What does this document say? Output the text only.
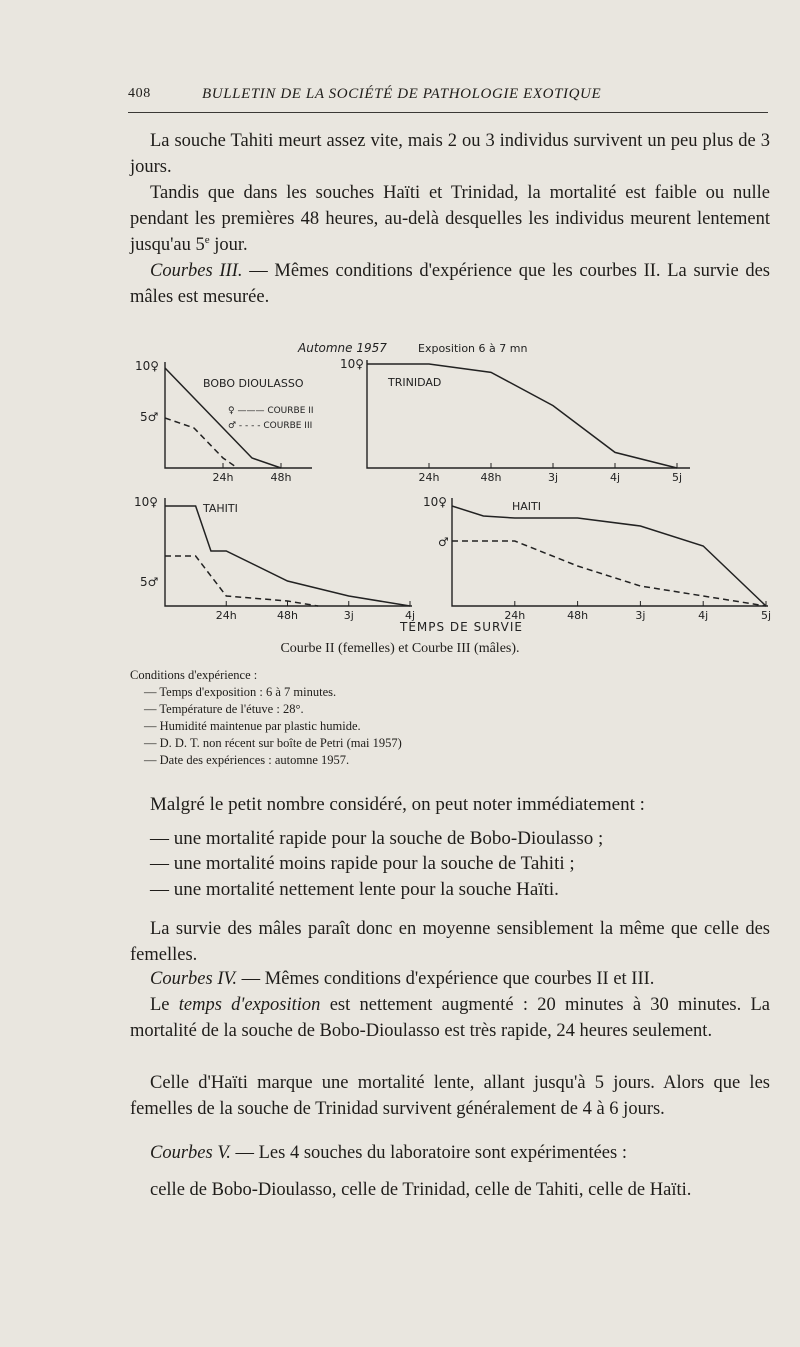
408	BULLETIN DE LA SOCIÉTÉ DE PATHOLOGIE EXOTIQUE
La souche Tahiti meurt assez vite, mais 2 ou 3 individus survivent un peu plus de 3 jours.
Tandis que dans les souches Haïti et Trinidad, la mortalité est faible ou nulle pendant les premières 48 heures, au-delà desquelles les individus meurent lentement jusqu'au 5e jour.
Courbes III. — Mêmes conditions d'expérience que les courbes II. La survie des mâles est mesurée.
Automne 1957	Exposition 6 à 7 mn
10♀
5♂
10♀
10♀
5♂
10♀
♂
BOBO DIOULASSO	TRINIDAD
TAHITI	HAITI
♀ ——— COURBE II
♂ - - - - COURBE III
TEMPS DE SURVIE
24h	48h	24h	48h	3j	4j	5j
24h	48h	3j	4j	24h	48h	3j	4j	5j
Courbe II (femelles) et Courbe III (mâles).
Conditions d'expérience :
— Temps d'exposition : 6 à 7 minutes.
— Température de l'étuve : 28°.
— Humidité maintenue par plastic humide.
— D. D. T. non récent sur boîte de Petri (mai 1957)
— Date des expériences : automne 1957.
Malgré le petit nombre considéré, on peut noter immédiatement :
— une mortalité rapide pour la souche de Bobo-Dioulasso ;
— une mortalité moins rapide pour la souche de Tahiti ;
— une mortalité nettement lente pour la souche Haïti.
La survie des mâles paraît donc en moyenne sensiblement la même que celle des femelles.
Courbes IV. — Mêmes conditions d'expérience que courbes II et III.
Le temps d'exposition est nettement augmenté : 20 minutes à 30 minutes. La mortalité de la souche de Bobo-Dioulasso est très rapide, 24 heures seulement.
Celle d'Haïti marque une mortalité lente, allant jusqu'à 5 jours. Alors que les femelles de la souche de Trinidad survivent généralement de 4 à 6 jours.
Courbes V. — Les 4 souches du laboratoire sont expérimentées :
celle de Bobo-Dioulasso, celle de Trinidad, celle de Tahiti, celle de Haïti.
